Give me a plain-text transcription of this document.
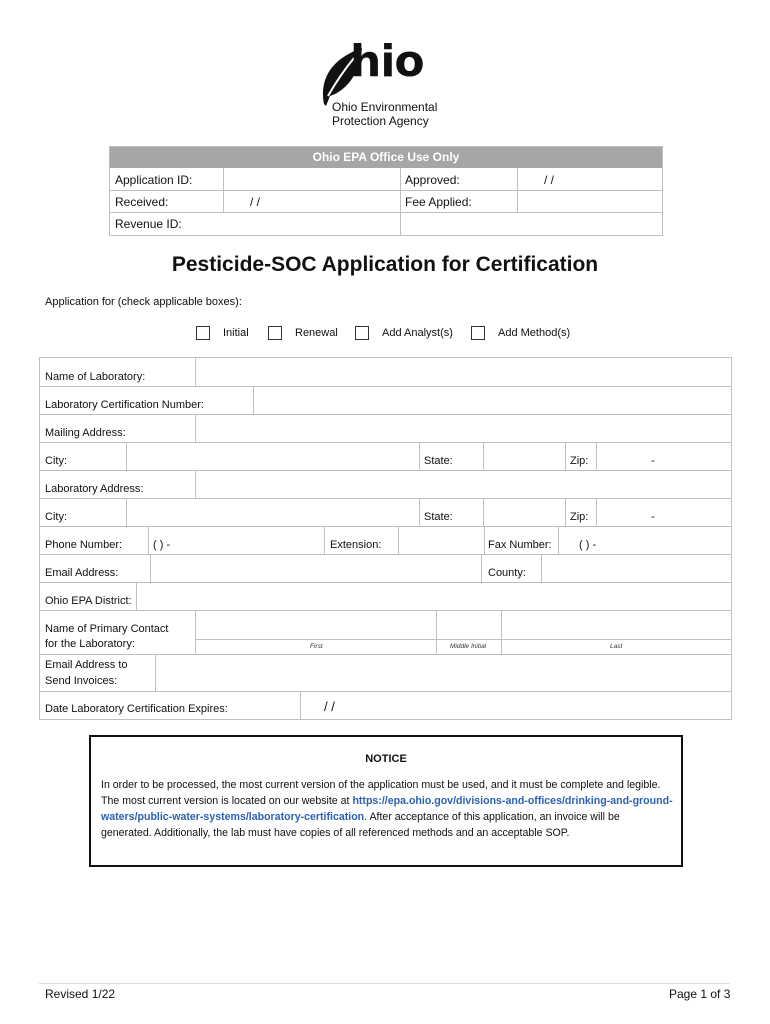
hio
Ohio Environmental
Protection Agency
Ohio EPA Office Use Only
Application ID:	Approved:	/ /
Received:	/ /	Fee Applied:
Revenue ID:
Pesticide-SOC Application for Certification
Application for (check applicable boxes):
Initial	Renewal	Add Analyst(s)	Add Method(s)
Name of Laboratory:
Laboratory Certification Number:
Mailing Address:
City:	State:	Zip:	-
Laboratory Address:
City:	State:	Zip:	-
Phone Number:	( ) -	Extension:	Fax Number: ( ) -
Email Address:	County:
Ohio EPA District:
Name of Primary Contact
for the Laboratory:	First	Middle Initial	Last
Email Address to
Send Invoices:
Date Laboratory Certification Expires:	/ /
NOTICE
In order to be processed, the most current version of the application must be used, and it must be complete and legible. The most current version is located on our website at https://epa.ohio.gov/divisions-and-offices/drinking-and-ground-waters/public-water-systems/laboratory-certification. After acceptance of this application, an invoice will be generated. Additionally, the lab must have copies of all referenced methods and an acceptable SOP.
Revised 1/22	Page 1 of 3
